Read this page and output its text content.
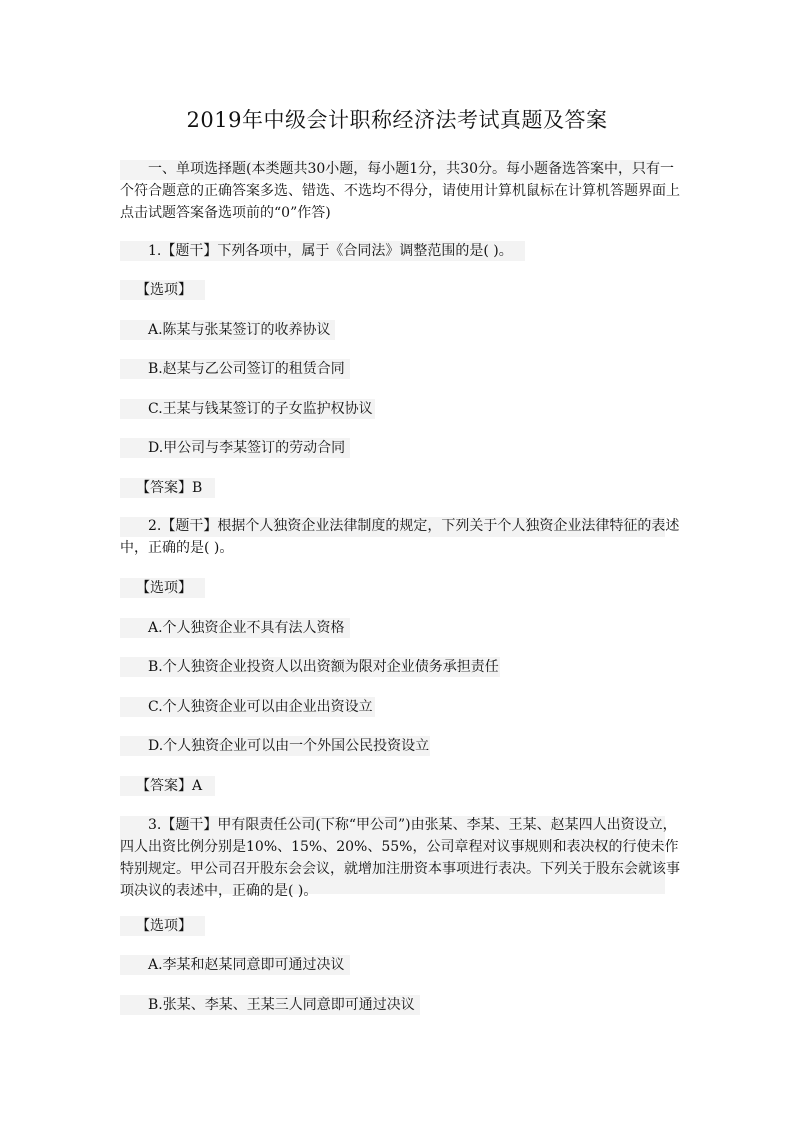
2019年中级会计职称经济法考试真题及答案
一、单项选择题(本类题共30小题，每小题1分，共30分。每小题备选答案中，只有一个符合题意的正确答案多选、错选、不选均不得分，请使用计算机鼠标在计算机答题界面上点击试题答案备选项前的“0”作答)
1.【题干】下列各项中，属于《合同法》调整范围的是( )。
【选项】
A.陈某与张某签订的收养协议
B.赵某与乙公司签订的租赁合同
C.王某与钱某签订的子女监护权协议
D.甲公司与李某签订的劳动合同
【答案】B
2.【题干】根据个人独资企业法律制度的规定，下列关于个人独资企业法律特征的表述中，正确的是( )。
【选项】
A.个人独资企业不具有法人资格
B.个人独资企业投资人以出资额为限对企业债务承担责任
C.个人独资企业可以由企业出资设立
D.个人独资企业可以由一个外国公民投资设立
【答案】A
3.【题干】甲有限责任公司(下称“甲公司”)由张某、李某、王某、赵某四人出资设立，四人出资比例分别是10%、15%、20%、55%，公司章程对议事规则和表决权的行使未作特别规定。甲公司召开股东会会议，就增加注册资本事项进行表决。下列关于股东会就该事项决议的表述中，正确的是( )。
【选项】
A.李某和赵某同意即可通过决议
B.张某、李某、王某三人同意即可通过决议
